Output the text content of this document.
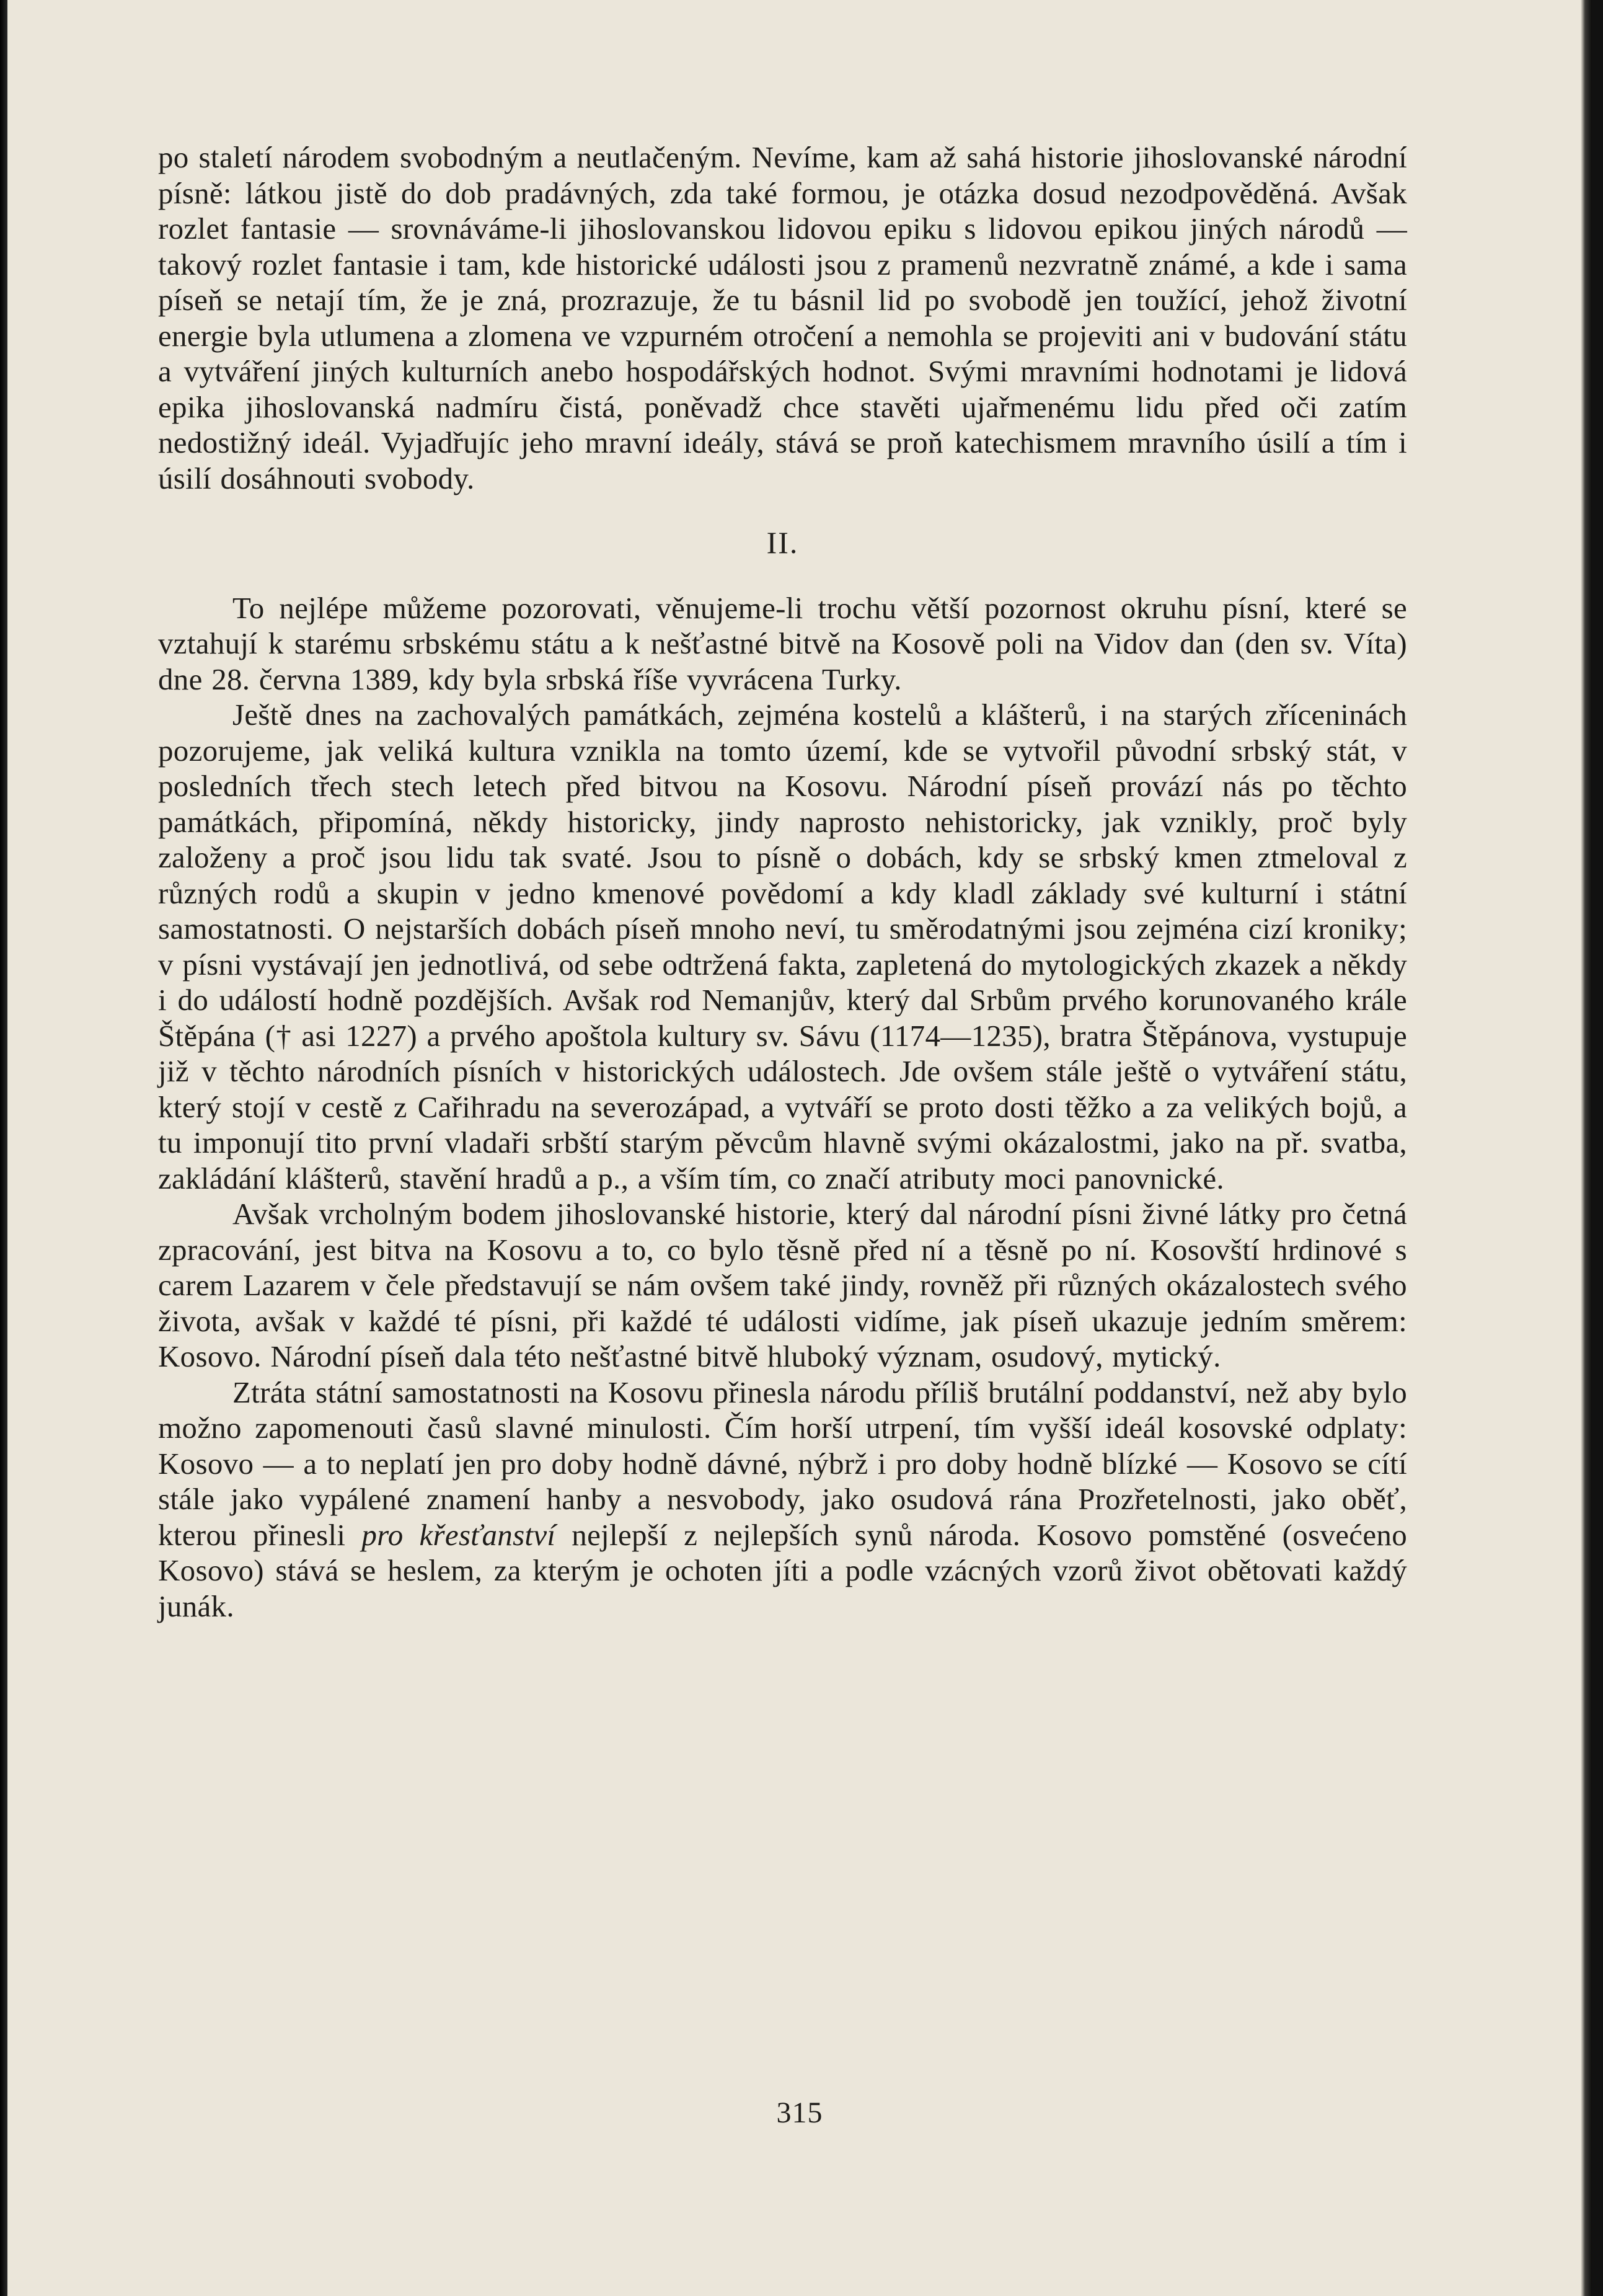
po staletí národem svobodným a neutlačeným. Nevíme, kam až sahá historie jihoslovanské národní písně: látkou jistě do dob pradávných, zda také formou, je otázka dosud nezodpověděná. Avšak rozlet fantasie — srovnáváme-li jihoslovanskou lidovou epiku s lidovou epikou jiných národů — takový rozlet fantasie i tam, kde historické události jsou z pramenů nezvratně známé, a kde i sama píseň se netají tím, že je zná, prozrazuje, že tu básnil lid po svobodě jen toužící, jehož životní energie byla utlumena a zlomena ve vzpurném otročení a nemohla se projeviti ani v budování státu a vytváření jiných kulturních anebo hospodářských hodnot. Svými mravními hodnotami je lidová epika jihoslovanská nadmíru čistá, poněvadž chce stavěti ujařmenému lidu před oči zatím nedostižný ideál. Vyjadřujíc jeho mravní ideály, stává se proň katechismem mravního úsilí a tím i úsilí dosáhnouti svobody.

II.

To nejlépe můžeme pozorovati, věnujeme-li trochu větší pozornost okruhu písní, které se vztahují k starému srbskému státu a k nešťastné bitvě na Kosově poli na Vidov dan (den sv. Víta) dne 28. června 1389, kdy byla srbská říše vyvrácena Turky.

Ještě dnes na zachovalých památkách, zejména kostelů a klášterů, i na starých zříceninách pozorujeme, jak veliká kultura vznikla na tomto území, kde se vytvořil původní srbský stát, v posledních třech stech letech před bitvou na Kosovu. Národní píseň provází nás po těchto památkách, připomíná, někdy historicky, jindy naprosto nehistoricky, jak vznikly, proč byly založeny a proč jsou lidu tak svaté. Jsou to písně o dobách, kdy se srbský kmen ztmeloval z různých rodů a skupin v jedno kmenové povědomí a kdy kladl základy své kulturní i státní samostatnosti. O nejstarších dobách píseň mnoho neví, tu směrodatnými jsou zejména cizí kroniky; v písni vystávají jen jednotlivá, od sebe odtržená fakta, zapletená do mytologických zkazek a někdy i do událostí hodně pozdějších. Avšak rod Nemanjův, který dal Srbům prvého korunovaného krále Štěpána († asi 1227) a prvého apoštola kultury sv. Sávu (1174—1235), bratra Štěpánova, vystupuje již v těchto národních písních v historických událostech. Jde ovšem stále ještě o vytváření státu, který stojí v cestě z Cařihradu na severozápad, a vytváří se proto dosti těžko a za velikých bojů, a tu imponují tito první vladaři srbští starým pěvcům hlavně svými okázalostmi, jako na př. svatba, zakládání klášterů, stavění hradů a p., a vším tím, co značí atributy moci panovnické.

Avšak vrcholným bodem jihoslovanské historie, který dal národní písni živné látky pro četná zpracování, jest bitva na Kosovu a to, co bylo těsně před ní a těsně po ní. Kosovští hrdinové s carem Lazarem v čele představují se nám ovšem také jindy, rovněž při různých okázalostech svého života, avšak v každé té písni, při každé té události vidíme, jak píseň ukazuje jedním směrem: Kosovo. Národní píseň dala této nešťastné bitvě hluboký význam, osudový, mytický.

Ztráta státní samostatnosti na Kosovu přinesla národu příliš brutální poddanství, než aby bylo možno zapomenouti časů slavné minulosti. Čím horší utrpení, tím vyšší ideál kosovské odplaty: Kosovo — a to neplatí jen pro doby hodně dávné, nýbrž i pro doby hodně blízké — Kosovo se cítí stále jako vypálené znamení hanby a nesvobody, jako osudová rána Prozřetelnosti, jako oběť, kterou přinesli pro křesťanství nejlepší z nejlepších synů národa. Kosovo pomstěné (osvećeno Kosovo) stává se heslem, za kterým je ochoten jíti a podle vzácných vzorů život obětovati každý junák.

315
